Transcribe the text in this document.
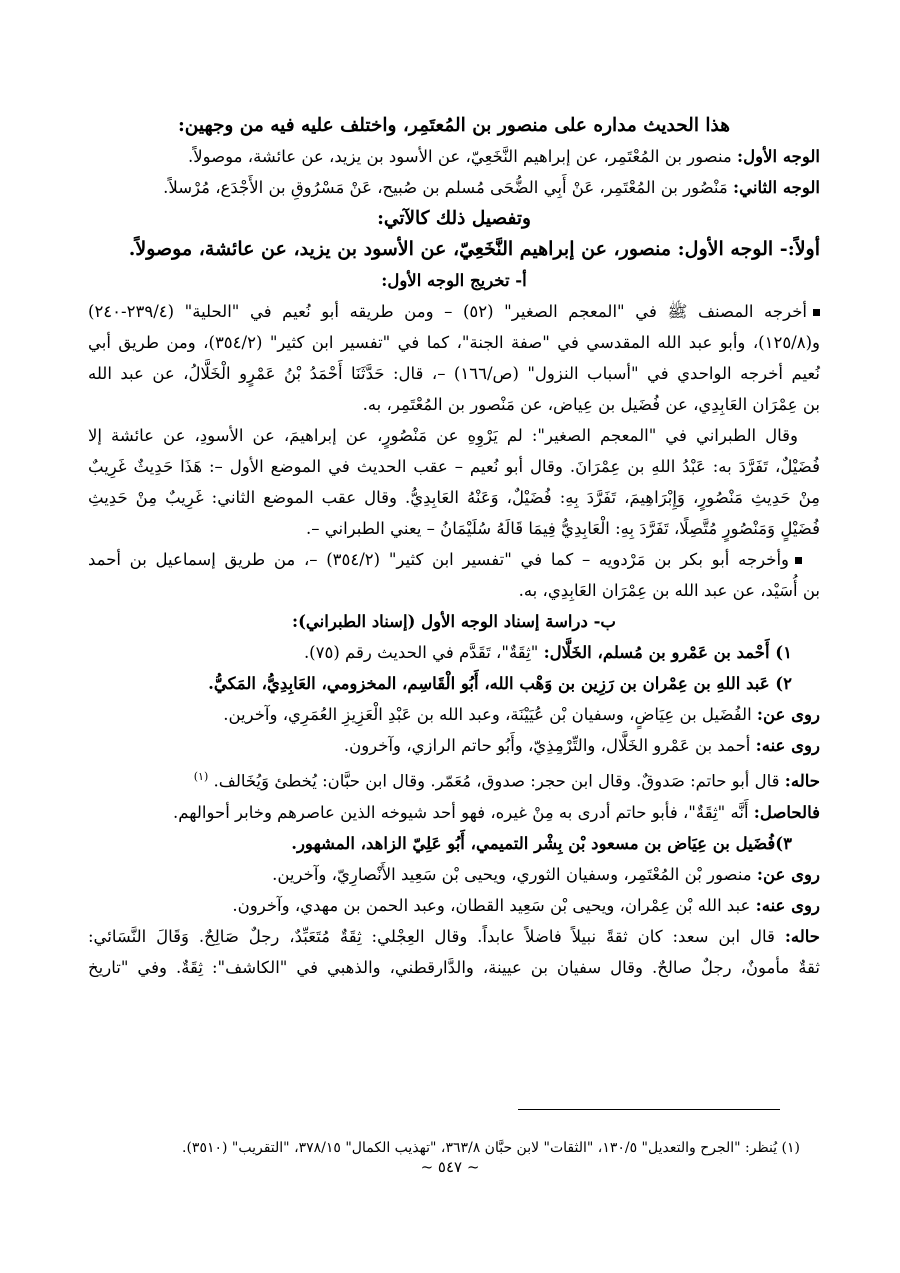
هذا الحديث مداره على منصور بن المُعتَمِر، واختلف عليه فيه من وجهين:
الوجه الأول: منصور بن المُعْتَمِر، عن إبراهيم النَّخَعِيّ، عن الأسود بن يزيد، عن عائشة، موصولاً.
الوجه الثاني: مَنْصُور بن المُعْتَمِر، عَنْ أَبِي الضُّحَى مُسلم بن صُبيح، عَنْ مَسْرُوقِ بن الأَجْدَع، مُرْسلاً.
وتفصيل ذلك كالآتي:
أولاً:- الوجه الأول: منصور، عن إبراهيم النَّخَعِيّ، عن الأسود بن يزيد، عن عائشة، موصولاً.
أ- تخريج الوجه الأول:
أخرجه المصنف ﷺ في "المعجم الصغير" (٥٢) – ومن طريقه أبو نُعيم في "الحلية" (٢٣٩/٤-٢٤٠)
و(١٢٥/٨)، وأبو عبد الله المقدسي في "صفة الجنة"، كما في "تفسير ابن كثير" (٣٥٤/٢)، ومن طريق أبي
نُعيم أخرجه الواحدي في "أسباب النزول" (ص/١٦٦) –، قال: حَدَّثَنَا أَحْمَدُ بْنُ عَمْرٍو الْخَلَّالُ، عن عبد الله
بن عِمْرَان العَابِدِي، عن فُضَيل بن عِياض، عن مَنْصور بن المُعْتَمِر، به.
وقال الطبراني في "المعجم الصغير": لم يَرْوِهِ عن مَنْصُورٍ، عن إبراهيمَ، عن الأسودِ، عن عائشة إلا
فُضَيْلٌ، تَفَرَّدَ به: عَبْدُ اللهِ بن عِمْرَانَ. وقال أبو نُعيم – عقب الحديث في الموضع الأول –: هَذَا حَدِيثٌ غَرِيبٌ
مِنْ حَدِيثِ مَنْصُورٍ، وَإِبْرَاهِيمَ، تَفَرَّدَ بِهِ: فُضَيْلٌ، وَعَنْهُ العَابِدِيُّ. وقال عقب الموضع الثاني: غَرِيبٌ مِنْ حَدِيثِ
فُضَيْلٍ وَمَنْصُورٍ مُتَّصِلًا، تَفَرَّدَ بِهِ: الْعَابِدِيُّ فِيمَا قَالَهُ سُلَيْمَانُ – يعني الطبراني –.
وأخرجه أبو بكر بن مَرْدويه – كما في "تفسير ابن كثير" (٣٥٤/٢) –، من طريق إسماعيل بن أحمد
بن أُسَيْد، عن عبد الله بن عِمْرَان العَابِدِي، به.
ب- دراسة إسناد الوجه الأول (إسناد الطبراني):
١) أَحْمد بن عَمْرو بن مُسلم، الخَلَّال: "ثِقَةٌ"، تَقَدَّم في الحديث رقم (٧٥).
٢) عَبد اللهِ بن عِمْران بن رَزِين بن وَهْب الله، أَبُو الْقَاسِم، المخزومي، العَابِدِيُّ، المَكيُّ.
روى عن: الفُضَيل بن عِيَاضٍ، وسفيان بْن عُيَيْنَة، وعبد الله بن عَبْدِ الْعَزِيزِ العُمَرِي، وآخرين.
روى عنه: أحمد بن عَمْرو الخَلَّال، والتِّرْمِذِيّ، وأَبُو حاتم الرازي، وآخرون.
حاله: قال أبو حاتم: صَدوقٌ. وقال ابن حجر: صدوق، مُعَمّر. وقال ابن حبَّان: يُخطئ وَيُخَالف. $^{(١)}$
فالحاصل: أَنَّه "ثِقَةٌ"، فأبو حاتم أدرى به مِنْ غيره، فهو أحد شيوخه الذين عاصرهم وخابر أحوالهم.
٣)فُضَيل بن عِيَاض بن مسعود بْن بِشْر التميمي، أَبُو عَلِيّ الزاهد، المشهور.
روى عن: منصور بْن المُعْتَمِر، وسفيان الثوري، ويحيى بْن سَعِيد الأَنْصارِيّ، وآخرين.
روى عنه: عبد الله بْن عِمْران، ويحيى بْن سَعِيد القطان، وعبد الحمن بن مهدي، وآخرون.
حاله: قال ابن سعد: كان ثقةً نبيلاً فاضلاً عابداً. وقال العِجْلي: ثِقَةٌ مُتَعَبِّدٌ، رجلٌ صَالِحٌ. وَقَالَ النَّسَائي:
ثقةٌ مأمونٌ، رجلٌ صالحٌ. وقال سفيان بن عيينة، والدَّارقطني، والذهبي في "الكاشف": ثِقَةٌ. وفي "تاريخ
(١) يُنظر: "الجرح والتعديل" ١٣٠/٥، "الثقات" لابن حبَّان ٣٦٣/٨، "تهذيب الكمال" ٣٧٨/١٥، "التقريب" (٣٥١٠).
~ ٥٤٧ ~
